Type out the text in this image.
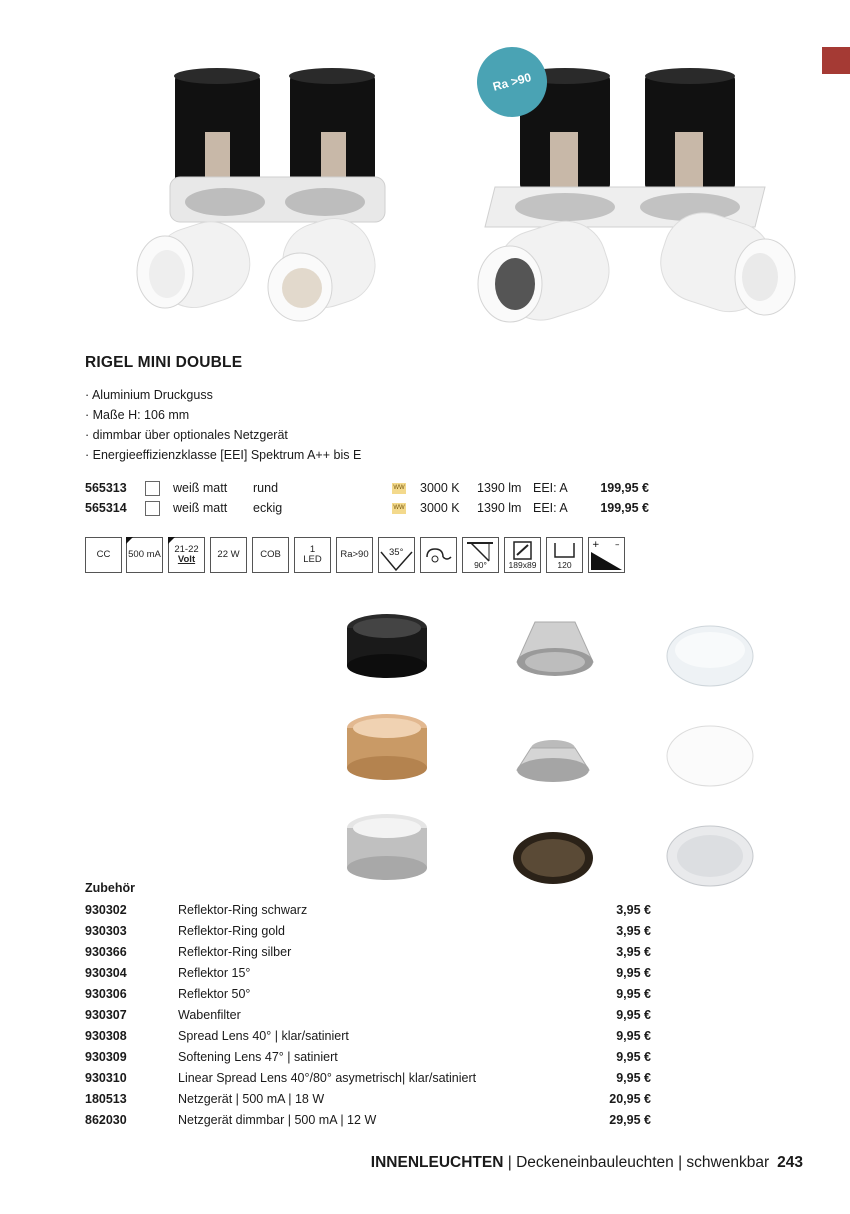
Ra >90
RIGEL MINI DOUBLE
· Aluminium Druckguss
· Maße H: 106 mm
· dimmbar über optionales Netzgerät
· Energieeffizienzklasse [EEI] Spektrum A++ bis E
565313	weiß matt rund	WW 3000 K 1390 lm EEI: A	199,95 €
565314	weiß matt eckig	WW 3000 K 1390 lm EEI: A	199,95 €
CC 500 mA 21-22
Volt 22 W COB	1
LED Ra>90 35°
90°	189x89	120
+ –
Zubehör
930302	Reflektor-Ring schwarz	3,95 €
930303	Reflektor-Ring gold	3,95 €
930366	Reflektor-Ring silber	3,95 €
930304	Reflektor 15°	9,95 €
930306	Reflektor 50°	9,95 €
930307	Wabenfilter	9,95 €
930308	Spread Lens 40° | klar/satiniert	9,95 €
930309	Softening Lens 47° | satiniert	9,95 €
930310	Linear Spread Lens 40°/80° asymetrisch| klar/satiniert	9,95 €
180513	Netzgerät | 500 mA | 18 W	20,95 €
862030	Netzgerät dimmbar | 500 mA | 12 W	29,95 €
INNENLEUCHTEN | Deckeneinbauleuchten | schwenkbar 243
